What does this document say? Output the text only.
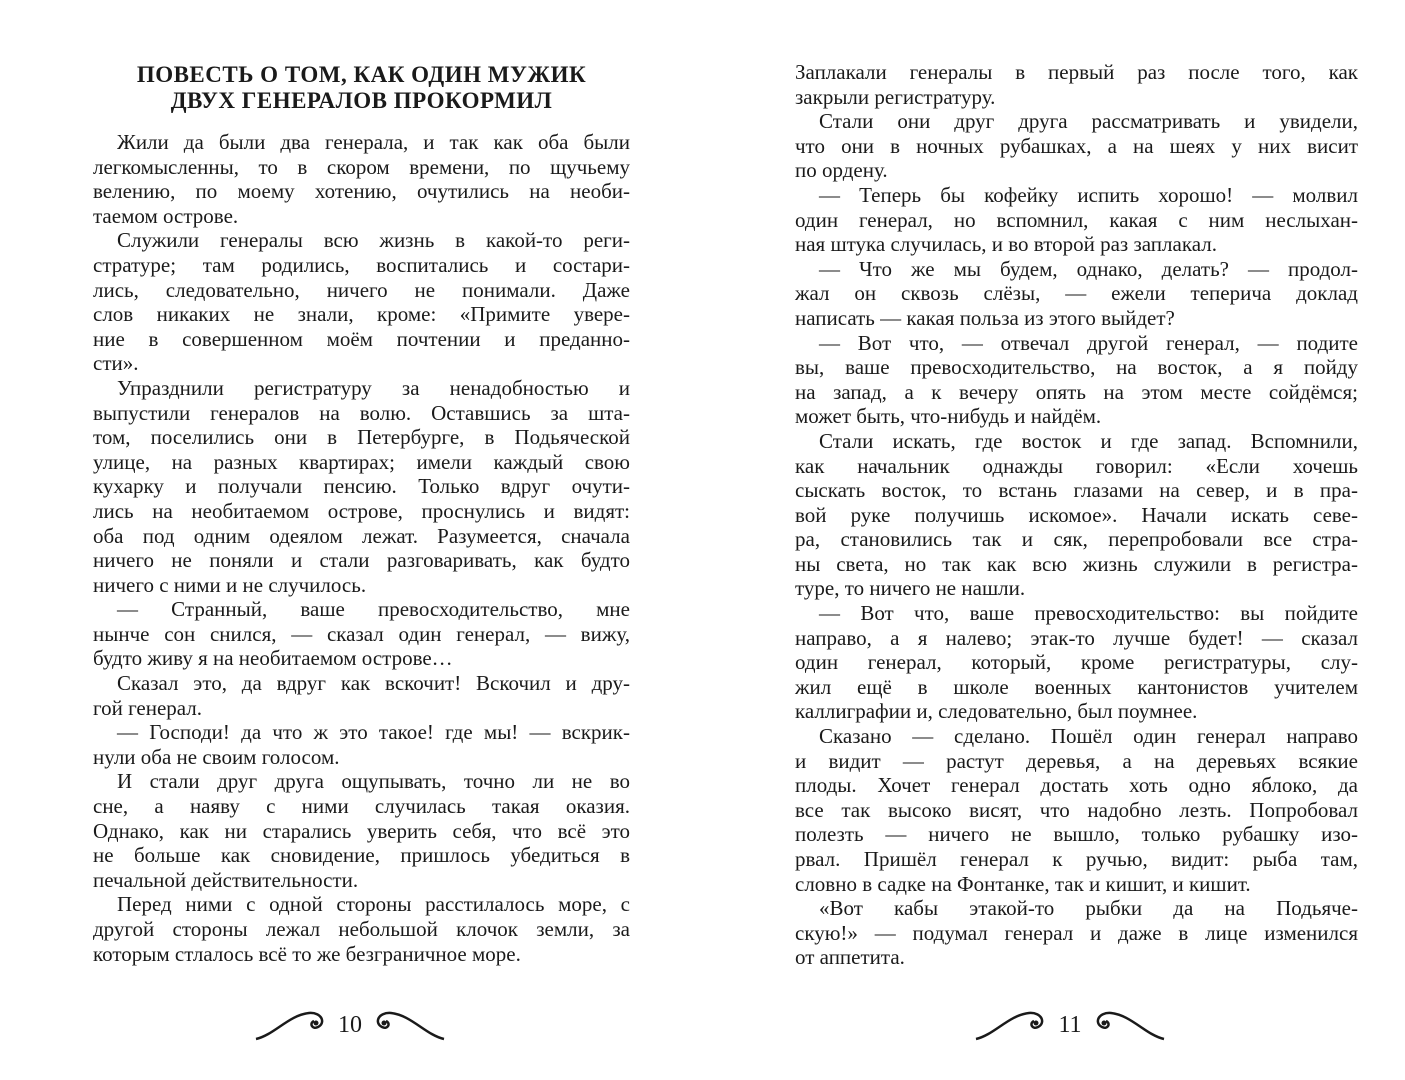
ПОВЕСТЬ О ТОМ, КАК ОДИН МУЖИК
ДВУХ ГЕНЕРАЛОВ ПРОКОРМИЛ
Жили да были два генерала, и так как оба были
легкомысленны, то в скором времени, по щучьему
велению, по моему хотению, очутились на необи-
таемом острове.
Служили генералы всю жизнь в какой-то реги-
стратуре; там родились, воспитались и состари-
лись, следовательно, ничего не понимали. Даже
слов никаких не знали, кроме: «Примите увере-
ние в совершенном моём почтении и преданно-
сти».
Упразднили регистратуру за ненадобностью и
выпустили генералов на волю. Оставшись за шта-
том, поселились они в Петербурге, в Подьяческой
улице, на разных квартирах; имели каждый свою
кухарку и получали пенсию. Только вдруг очути-
лись на необитаемом острове, проснулись и видят:
оба под одним одеялом лежат. Разумеется, сначала
ничего не поняли и стали разговаривать, как будто
ничего с ними и не случилось.
— Странный, ваше превосходительство, мне
нынче сон снился, — сказал один генерал, — вижу,
будто живу я на необитаемом острове…
Сказал это, да вдруг как вскочит! Вскочил и дру-
гой генерал.
— Господи! да что ж это такое! где мы! — вскрик-
нули оба не своим голосом.
И стали друг друга ощупывать, точно ли не во
сне, а наяву с ними случилась такая оказия.
Однако, как ни старались уверить себя, что всё это
не больше как сновидение, пришлось убедиться в
печальной действительности.
Перед ними с одной стороны расстилалось море, с
другой стороны лежал небольшой клочок земли, за
которым стлалось всё то же безграничное море.
Заплакали генералы в первый раз после того, как
закрыли регистратуру.
Стали они друг друга рассматривать и увидели,
что они в ночных рубашках, а на шеях у них висит
по ордену.
— Теперь бы кофейку испить хорошо! — молвил
один генерал, но вспомнил, какая с ним неслыхан-
ная штука случилась, и во второй раз заплакал.
— Что же мы будем, однако, делать? — продол-
жал он сквозь слёзы, — ежели теперича доклад
написать — какая польза из этого выйдет?
— Вот что, — отвечал другой генерал, — подите
вы, ваше превосходительство, на восток, а я пойду
на запад, а к вечеру опять на этом месте сойдёмся;
может быть, что-нибудь и найдём.
Стали искать, где восток и где запад. Вспомнили,
как начальник однажды говорил: «Если хочешь
сыскать восток, то встань глазами на север, и в пра-
вой руке получишь искомое». Начали искать севе-
ра, становились так и сяк, перепробовали все стра-
ны света, но так как всю жизнь служили в регистра-
туре, то ничего не нашли.
— Вот что, ваше превосходительство: вы пойдите
направо, а я налево; этак-то лучше будет! — сказал
один генерал, который, кроме регистратуры, слу-
жил ещё в школе военных кантонистов учителем
каллиграфии и, следовательно, был поумнее.
Сказано — сделано. Пошёл один генерал направо
и видит — растут деревья, а на деревьях всякие
плоды. Хочет генерал достать хоть одно яблоко, да
все так высоко висят, что надобно лезть. Попробовал
полезть — ничего не вышло, только рубашку изо-
рвал. Пришёл генерал к ручью, видит: рыба там,
словно в садке на Фонтанке, так и кишит, и кишит.
«Вот кабы этакой-то рыбки да на Подьяче-
скую!» — подумал генерал и даже в лице изменился
от аппетита.
10	11
